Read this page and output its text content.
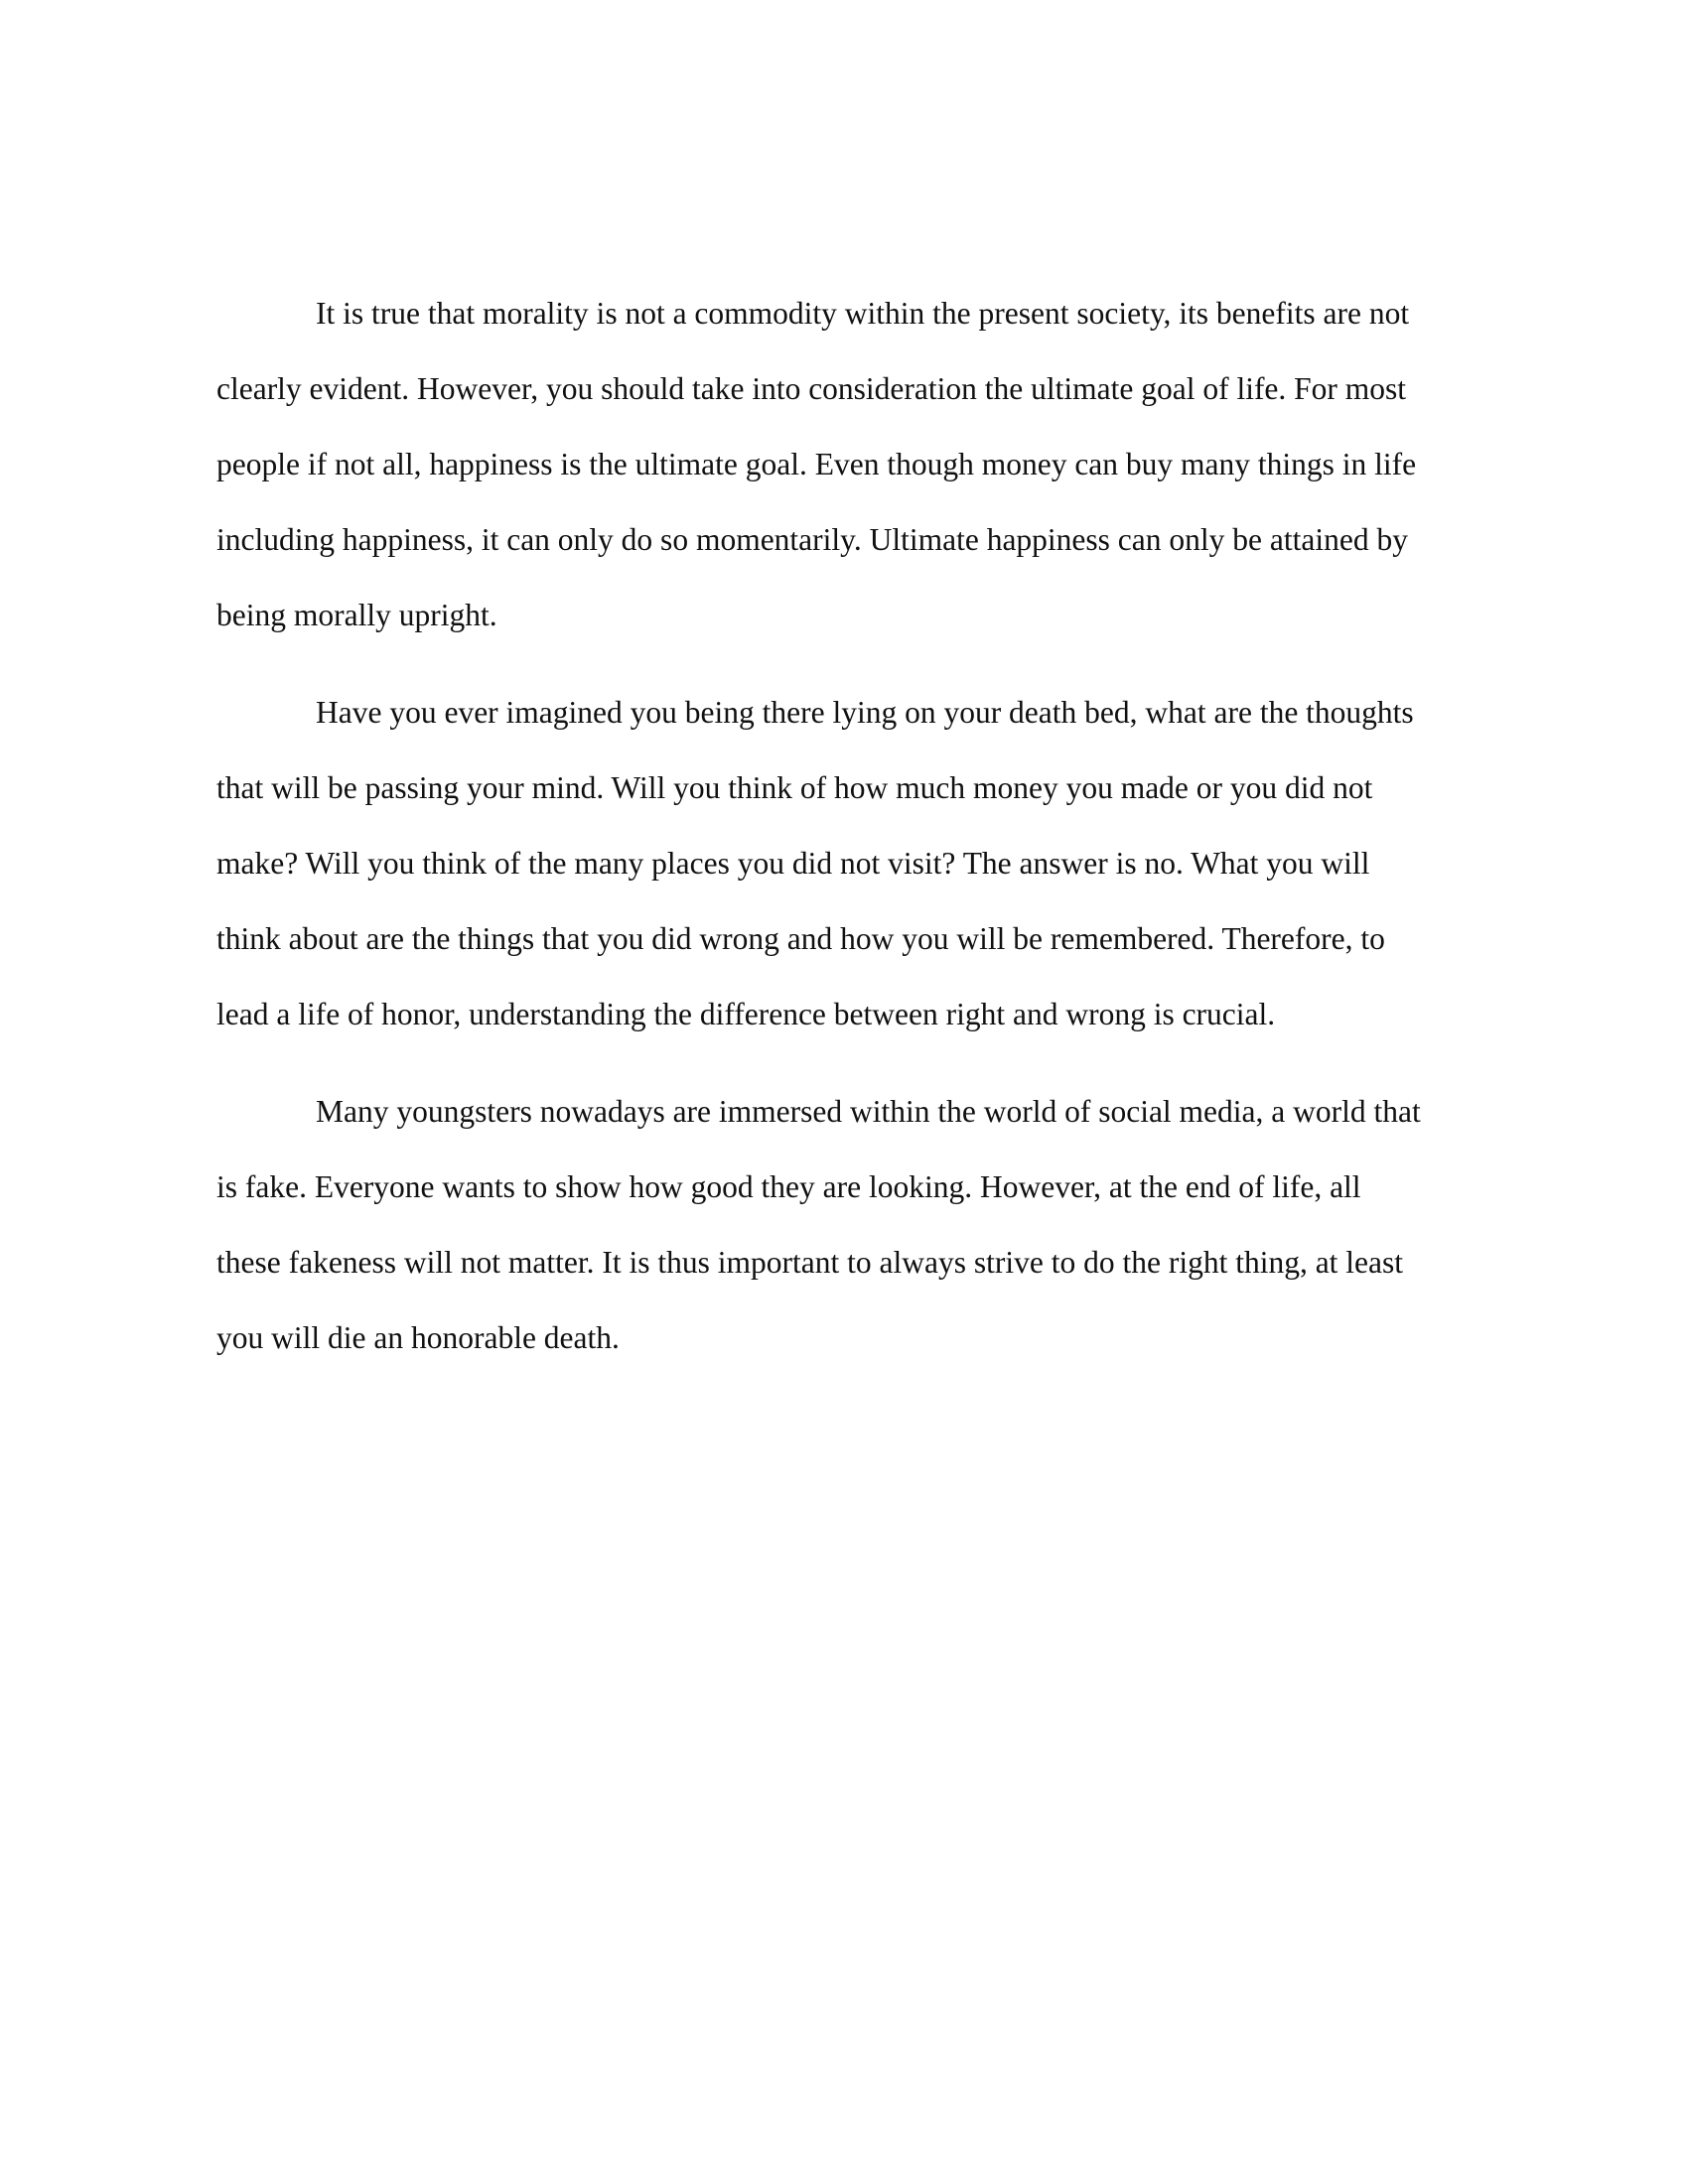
It is true that morality is not a commodity within the present society, its benefits are not
clearly evident. However, you should take into consideration the ultimate goal of life. For most
people if not all, happiness is the ultimate goal. Even though money can buy many things in life
including happiness, it can only do so momentarily. Ultimate happiness can only be attained by
being morally upright.

Have you ever imagined you being there lying on your death bed, what are the thoughts
that will be passing your mind. Will you think of how much money you made or you did not
make? Will you think of the many places you did not visit? The answer is no. What you will
think about are the things that you did wrong and how you will be remembered. Therefore, to
lead a life of honor, understanding the difference between right and wrong is crucial.

Many youngsters nowadays are immersed within the world of social media, a world that
is fake. Everyone wants to show how good they are looking. However, at the end of life, all
these fakeness will not matter. It is thus important to always strive to do the right thing, at least
you will die an honorable death.
